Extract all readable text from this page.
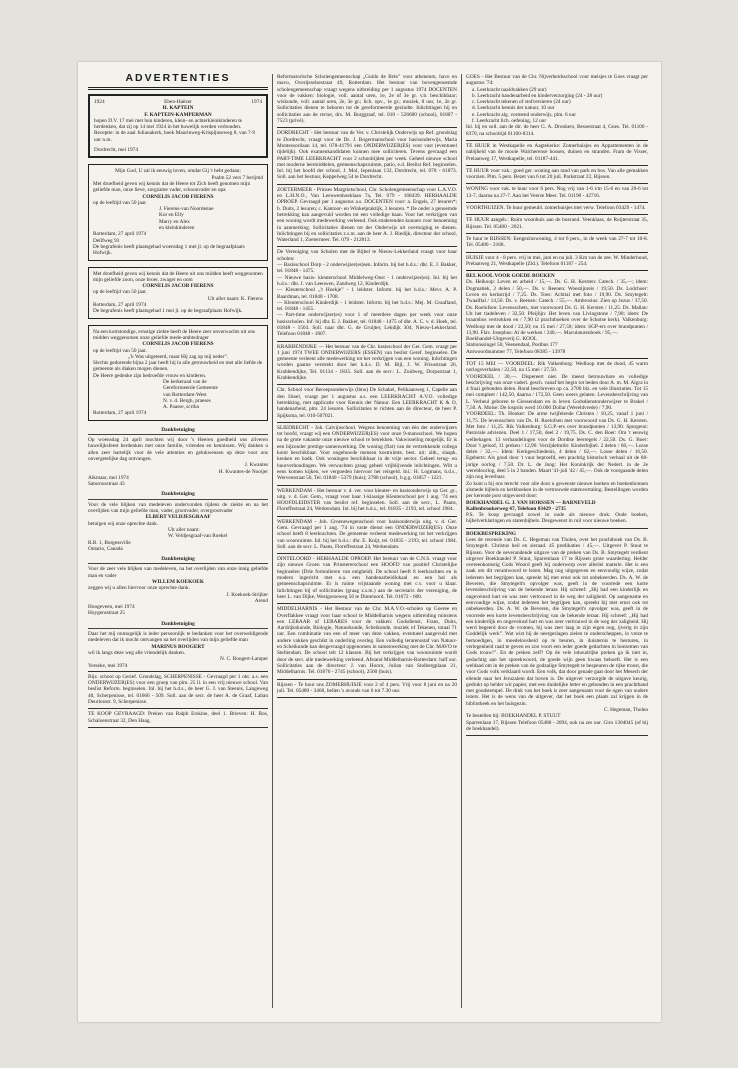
ADVERTENTIES
1924	Eben-Haëzer	1974
H. KAPTEIN
F. KAPTEIN-KAMPERMAN
hopen D.V. 17 mei met hun kinderen, klein- en achterkleinkinderen te herdenken, dat zij op 14 mei 1924 in het huwelijk werden verbonden.
Receptie: in de zaal Julianakerk, hoek Maurinweg-Krispijnseweg 8, van 7-9 uur n.m.
Dordrecht, mei 1974
Mijn God, U zal ik eeuwig loven, omdat Gij 't hebt gedaan;
Psalm 52 vers 7 berijmd
Met droefheid geven wij kennis dat de Heere tot Zich heeft genomen mijn geliefde man, onze lieve, zorgzame vader, schoonvader en opa
CORNELIS JACOB FIERENS
op de leeftijd van 50 jaar.
J. Fierens-van Noordenne
Kor en Elly
Marry en Alex
en kleinkinderen
Rotterdam, 27 april 1974
Dellfweg 93
De begrafenis heeft plaatsgehad woensdag 1 mei jl. op de begraafplaats Hofwijk.
Met droefheid geven wij kennis dat de Heere uit ons midden heeft weggenomen mijn geliefde zoon, onze broer, zwager en oom
CORNELIS JACOB FIERENS
op de leeftijd van 50 jaar.
Uit aller naam: K. Fierens
Rotterdam, 27 april 1974
De begrafenis heeft plaatsgehad 1 mei jl. op de begraafplaats Hofwijk.
Na een kortstondige, ernstige ziekte heeft de Heere zeer onverwachts uit ons midden weggenomen onze geliefde mede-ambtsdrager
CORNELIS JACOB FIERENS
op de leeftijd van 50 jaar.
„'k Was uitgeteerd, maar Hij zag op mij neder”.
Slechts gedurende bijna 2 jaar heeft hij in alle getrouwheid en met alle liefde de gemeente als diaken mogen dienen.
De Heere gedenke zijn bedroefde vrouw en kinderen.
De kerkeraad van de
Gereformeerde Gemeente
van Rotterdam-West
N. v. d. Bergh, praeses
A. Paasse, scriba
Rotterdam, 27 april 1974
Dankbetuiging
Op woensdag 24 april mochten wij door 's Heeren goedheid ons zilveren huwelijksfeest herdenken met onze familie, vrienden en kennissen. Wij danken u allen zeer hartelijk voor de vele attenties en gelukwensen op deze voor ons onvergetelijke dag ontvangen.
J. Kwantes
H. Kwantes-de Nooijer
Alkmaar, mei 1974
Saturnusstraat 43
Dankbetuiging
Voor de vele blijken van medeleven ondervonden tijdens de ziekte en na het overlijden van mijn geliefde man, vader, grootvader, overgrootvader
ELBERT VELDJESGRAAF
betuigen wij onze oprechte dank.
Uit aller naam:
W. Veldjesgraaf-van Roekel
R.R. 1, Burgessville
Ontario, Canada
Dankbetuiging
Voor de zeer vele blijken van medeleven, na het overlijden van onze innig geliefde man en vader
WILLEM KOEKOEK
zeggen wij u allen hiervoor onze oprechte dank.
J. Koekoek-Strijker
Arend
Hoogeveen, mei 1974
Huygensstraat 25
Dankbetuiging
Daar het mij onmogelijk is ieder persoonlijk te bedanken voor het overweldigende medeleven dat ik mocht ontvangen na het overlijden van mijn geliefde man
MARINUS BOOGERT
wil ik langs deze weg alle vriendelijk danken.
N. C. Boogert-Lamper
Yerseke, mei 1974
Bijz. school op Gerief. Grondslag, SCHERPENISSE - Gevraagd per 1 okt. a.s. een ONDERWIJZER(ES) voor een groep van plm. 25 ll. in een vrij nieuwe school. Van beslist Reform. beginselen. Inl. bij het h.d.s., de heer G. J. van Steenis, Langeweg 40, Scherpenisse, tel. 01666 - 509. Soll. aan de secr. de heer A. de Graaf, Laban Deurloostr. 9, Scherpenisse.
TE KOOP GEVRAAGD: Preken van Ralph Erskine, deel 1. Brieven: H. Bos, Schaloenstraat 32, Den Haag.
Reformatorische Scholengemeenschap „Guido de Brès” voor atheneum, havo en mavo, Overijsselsestraat 49, Rotterdam. Het bestuur van bovengenoemde scholengemeenschap vraagt wegens uitbreiding per 1 augustus 1974 DOCENTEN voor de vakken: biologie, voll. aantal uren, 1e, 2e of 3e gr. v.b. beschikbaar; wiskunde, voll. aantal uren, 2e, 3e gr.; lich. opv., 1e gr.; muziek, 8 uur, 1e, 2e gr. Sollicitaties dienen te behoren tot de gereformeerde gezindte. Inlichtingen bij en sollicitaties aan de rector, drs. M. Burggraaf, tel. 010 - 526600 (school), 01807 - 7523 (privé).
DORDRECHT - Het bestuur van de Ver. v. Christelijk Onderwijs op Ref. grondslag te Dordrecht, vraagt voor de Ds. J. Bogermanschool voor basisonderwijs, Maria Montessorilaan 14, tel. 078-41791 een ONDERWIJZER(ES) voor vast (eventueel tijdelijk). Ook examenkandidaten kunnen mee solliciteren. Tevens gevraagd een PART-TIME LEERKRACHT voor 2 schooltijden per week. Geheel nieuwe school met moderne leermiddelen, gemeenschapsruimte, patio, e.d. Beslist Ref. beginselen. Inl. bij het hoofd der school, J. Mol, Iepenlaan 132, Dordrecht, tel. 078 - 61873. Soll. aan het bestuur, Keppelweg 54 te Dordrecht.
ZOETERMEER - Prinses Margrietschool, Chr. Scholengemeenschap voor L.A.V.O. en L.H.N.O., Van Leeuwenhoeklaan 7a, Tel. 079 - 168439. HERHAALDE OPROEP. Gevraagd per 1 augustus a.s. DOCENTEN voor: a. Engels, 27 lesuren*; b. Duits, 2 lesuren; c. Kantoor- en Winkelpraktijk, 3 lesuren. * De onder a genoemde betrekking kan aangevuld worden tot een volledige baan. Voor het verkrijgen van een woning wordt medewerking verleend. Ook studerenden kunnen voor benoeming in aanmerking. Sollicitaties dienen tot der Onderwijs uit overtuiging te dienen. Inlichtingen bij en sollicitaties z.s.m. aan de heer A. J. Riedijk, directeur der school, Waterland 1, Zoetermeer. Tel. 079 - 212813.
De Vereniging van Scholen met de Bijbel te Nieuw-Lekkerland vraagt voor haar scholen:
— Basisschool Dorp - 2 onderwijzer(es)sen. Inform. bij het h.d.s.: dhr. E. J. Bakker, tel. 01848 - 1475.
— Nieuwe basis- kleuterschool Middelweg-Oost - 1 onderwijzer(es). Inl. bij het h.d.s.: dhr. J. van Leeuwen, Zandweg 12, Kinderdijk.
— Kleuterschool „'t Hoekje” - 1 leidster. Inform. bij het h.d.s.: Mevr. A. P. Baardman, tel. 01848 - 1708.
— Kleuterschool Kinderdijk - 1 leidster. Inform. bij het h.d.s.: Mej. M. Graafland, tel. 01848 - 1455.
— Part-time onderwijzer(es) voor 1 of meerdere dagen per week voor onze basisscholen. Inf. bij dhr. E. J. Bakker, tel. 01848 - 1475 of dhr. A. C. v. d. Hoek, tel. 01848 - 1503. Soll. naar dhr. G. de Gruijter, Lekdijk 304, Nieuw-Lekkerland. Telefoon 01848 - 1807.
KRABBENDIJKE — Het bestuur van de Chr. basisschool der Ger. Gem. vraagt per 1 juni 1974 TWEE ONDERWIJZERS (ESSEN) van beslist Geref. beginselen. De gemeente verleent alle medewerking tot het verkrijgen van een woning. Inlichtingen worden gaarne verstrekt door het h.d.s. D. M. Bijl, J. W. Frisostraat 26, Krabbendijke, Tel. 01134 - 1835. Soll. aan de secr.: L. Zuidweg, Dorpsstraat 1, Krabbendijke.
Chr. School voor Beroepsonderwijs (lbno) De Schakel, Pelikaanweg 1, Capelle aan den IJssel, vraagt per 1 augustus a.s. een LEERKRACHT A.V.O. volledige betrekking, met applicatie voor Kennis der Natuur. Een LEERKRACHT K & O, handenarbeid, plm. 24 lesuren. Sollicitaties te richten aan de directeur, de heer P. Spijksma, tel. 010-507021.
SLIEDRECHT - Joh. Calvijnschool. Wegens benoeming van één der onderwijzers tot hoofd, vraagt wij een ONDERWIJZER(ES) voor onze 9-mansschool. We hopen na de grote vakantie onze nieuwe school te betrekken. Vakwisseling mogelijk. Er is een bijzonder prettige samenwerking. De woning (flat) van de vertrekkende collega komt beschikbaar. Voor ongehuwde mensen kostruimte, best. uit: zitk., slaapk. keuken en badk. Ook woningen beschikbaar in de vrije sector. Geheel terug- en huurverhoudingen. We verwachten graag geheel vrijblijvende inlichtingen. Wilt u eens komen kijken, we vergoeden hiervoor het reisgeld. Inl.: H. Logmans, h.d.s., Wervenstraat 50, Tel. 01840 - 5379 (huis); 2788 (school), b.g.g. 01857 - 1221.
WERKENDAM - Het bestuur v. d. ver. voor kleuter- en basisonderwijs op Ger. gr., uitg. v. d. Ger. Gem., vraagt voor haar 1-klassige Kleuterschool per 1 aug. '74 een HOOFDLEIDSTER van beslist ref. beginselen. Soll. aan de secr., L. Paans, Floreffestraat 24, Werkendam. Inl. bij het h.d.s., tel. 01835 - 2193, tel. school 1984.
WERKENDAM - Joh. Groenewegenschool voor basisonderwijs uitg. v. d. Ger. Gem. Gevraagd per 1 aug. '74 in vaste dienst een ONDERWIJZER(ES). Onze school heeft 8 leerkrachten. De gemeente verleent medewerking tot het verkrijgen van woonruimte. Inl. bij het h.d.s.: dhr. E. Knijt, tel. 01835 - 2193, tel. school 1984. Soll. aan de secr. L. Paans, Floreffestraat 24, Werkendam.
DINTELOORD - HERHAALDE OPROEP. Het bestuur van de C.N.S. vraagt voor zijn nieuwe Groen van Prinstererschool een HOOFD van positief Christelijke beginselen (Drie formulieren van enigheid). De school heeft 8 leerkrachten en is modern ingericht met o.a. een handenarbeidlokaal en een hal als gemeenschapsruimte. Er is ruime vrijstaande woning met c.v. voor u klaar. Inlichtingen bij of sollicitaties (graag z.s.m.) aan de secretaris der vereniging, de heer L. van Dijke, Westgorseweg 56 te Dinteloord. Tel. 01672 - 600.
MIDDELHARNIS - Het Bestuur van de Chr. M.A.V.O.-scholen op Goeree en Overflakkee vraagt voor haar school te Middelharnis wegens uitbreiding minstens een LERAAR of LERARES voor de vakken: Godsdienst, Frans, Duits, Aardrijkskunde, Biologie, Natuurkunde, Scheikunde, muziek of Tekenen, totaal 71 uur. Een combinatie van een of meer van deze vakken, eventueel aangevuld met andere vakken geschikt in onderling overleg. Een volledig lerarensstaf van Natuur- en Scheikunde kan desgevraagd opgenomen in samenwerking met de Chr. MAVO te Stellendam. De school telt 12 klassen. Bij het verkrijgen van woonruimte wordt door de secr. alle medewerking verleend. Afstand Middelharnis-Rotterdam: half uur. Sollicitaties aan de directeur: J. van Hoorn, Julian van Stolbergplaan 21, Middelharnis. Tel. 01870 - 2745 (school), 2560 (huis).
Rijssen - Te huur ons ZOMERHUISJE voor 2 of 4 pers. Vrij voor 8 juni en na 20 juli. Tel. 05480 - 3468, bellen 's avonds van 6 tot 7.30 uur.
GOES - Het Bestuur van de Chr. Nijverheidsschool voor meisjes te Goes vraagt per augustus '74:
a. Leerkracht naaldvakken (29 uur)
b. Leerkracht handenarbeid en kinderverzorging (24 - 28 uur)
c. Leerkracht tekenen of stofversieren (24 uur)
d. Leerkracht kennis der natuur, 10 uur
e. Leerkracht alg. vormend onderwijs, plm. 6 uur
f. Leerkracht lich. oefening, 12 uur
Inl. bij en soll. aan de dir. de heer G. A. Dronkers, Bessestraat 4, Goes. Tel. 01100 - 8370, na schooltijd 01100-8314.
TE HUUR in Westkapelle en Aagtekerke: Zomerhuisjes en Appartementen in de nabijheid van de mooie Walcherense bossen, duinen en stranden. Fram de Visser, Prelaatweg 17, Westkapelle, tel. 01187-441.
TE HUUR voor vak.: goed ger. woning aan rand van park en bos. Van alle gemakken voorzien. Plm. 5 pers. Bezet van 6 tot 20 juli. Parkstraat 22, Rijssen.
WONING voor vak. te huur voor 6 pers. Nog vrij van 1-6 t/m 15-6 en van 29-6 tot 13-7, daarna na 27-7. Aan het Veerse Meer. Tel. 01190 - 42716.
VOORTHUIZEN. Te huur gemeubl. zomerhuisjes met verw. Telefoon 03429 - 1474.
TE HUUR aangeb.: Ruim woonhuis aan de boerand. Veenklaas, de Ruijterstraat 35, Rijssen. Tel. 05480 - 2021.
Te huur te RIJSSEN: Eengezinswoning, 4 tot 6 pers., in de week van 27-7 tot 10-8. Tel. 05480 - 2168.
HUISJE voor 4 - 8 pers. vrij in mei, juni en na juli. 3 Km van de zee. W. Minderhoud, Prelaatweg 21, Westkapelle (Zld.). Telefoon 01187 - 254.
BEL KOOL VOOR GOEDE BOEKEN
Ds. Heikoop: Leven en arbeid / 15,—. Ds. G. H. Kersten: Catech. / 35,—; idem: Dogmatiek, 2 delen / 50,—. Ds. v. Reenen: Woestijnreis / 19,50. Ds. Lodcboer: Leven en kerkstrijd / 7,25. Ds. Toes: Achttal met foto / 19,90. Ds. Smytegelt: Twaalftal / 14,50. Ds. v. Reenen: Catech. / 55,—. Ambrosius: Zien op Jezus / 37,50. Ds. Roelofsen: Levensschets, met voorwoord Ds. G. H. Kersten / 11,25. Ds. Mallan: Uit het tiadeleven / 32,50. Pfeijlijn: Het leven van Livingstone / 7,90; idem: De braambos vertrokken en / 7,90 t2 prachtboeken over de Schotse kerk). Valkenburg: Wedloop met de dood / 22,50; nu 15 mei / 27,50; idem: SGP-ers over brandpunten / 13,90. Flav. Josephus: Al de werken / 240,—. Maculaturenboek / 95,—.
Boekhandel-Uitgeverij G. KOOL
Stationssingel 50, Veenendaal, Postbus 177
Antwoordnummer 77, Telefoon 08385 - 13978
TOT 15 MEI — VOORDEEL: Rik Valkenburg: Wedloop met de dood, 45 warm oorlogsverhalen / 22,50, na 15 mei / 27,50.
VOORDEEL / 30,—. Dispereert niet. De meest betrouwbare en volledige beschrijving van onze vaderl. gesch. vanaf het begin tot heden door A. m. M. Algra in 4 fraai gebonden delen. Rond beschreven op ca. 2700 blz. en vele illustraties. Tot 15 mei compleet / 142,50, daarna / 172,50. Geen weers gelaten. Levensbeschrijving van L. Verheul geboren te Giessendam en in leven Godsdienstonderwijzer te Brakel / 7,50. A. Moise: De lospriis werd 10.000 Dollar (Wereldvrede) / 7,90.
VOORDEEL: Th. Hooker: De arme twijfelende Christen / 10,25, vanaf 1 juni / 11,75. De levensschets van Ds. H. Roelofsen met voorwoord van Ds. G. H. Kersten. Met foto / 11,25. Rik Valkenburg: S.G.P.-ers over brandpunten / 13,90. Spurgeon: Pastorale adviezen. Deel 1 / 17,50, deel 2 / 19,75. Ds. C. den Boer: Om 't eeuwig welbehagen. 13 verhandelingen voor de Dordtse leerregels / 22,50. Ds. G. Boer: Door 't geloof, 11 preken / 12,90. Verzijdelmiht: Kinderbijbel. 2 delen / 60,—. Losse delen / 32,—. Idem: Kerkgeschiedenis, 4 delen / 62,—. Losse delen / 16,50. Egeberts: Als goud door 't vuur beproefd, een prachtig historisch verhaal uit de 80-jarige oorlog / 7,50. Dr. L. de Jong: Het Koninkrijk der Nederl. in de 2e wereldoorlog, deel 5 in 2 banden. Maart '41-juli '42 / 45,—. Ook de voorgaande delen zijn nog leverbaar.
Zo kunt u bij ons terecht voor alle door u gewenste nieuwe boeken en boekenbonnen alsmede bijbels en kerkboeken in de vertrouwde statenvertaling. Bestellingen worden per kerende post uitgevoerd door:
BOEKHANDEL G. J. VAN HORSSEN — BARNEVELD
Kallenbrookerweg 47, Telefoon 03429 - 2735
P.S. Te koop gevraagd zowel in oude als nieuwe druk: Oude boeken, bijbelverklaringen en statenbijbels. Desgewenst in ruil voor nieuwe boeken.
BOEKBESPREKING
Lees de recensie van Ds. C. Hegeman van Tholen, over het prachtboek van Ds. B. Smytegelt. Christus heil en sieraad. 45 predikaties / 45,—. Uitgever P. Stuut te Rijssen. Voor de oeverandende uitgave van de preken van Ds. B. Smytegelt verdient uitgever Boekhandel P. Stuut, Sparrenlaan 17 te Rijssen grote waardering. Helder overeenkomstig Gods Woord geeft hij onderwerp over allerlei materie. Het is een zaak om dit verantwoord te lezen. Mag nog uitgegeven en eenvoudig wijze, zodat iedereen het begrijpen kan, spreekt hij met ernst ook tot onbekeerden. Ds. A. W. de Beveren, die Smytegelt's opvolger was, geeft in de voorrede een korte levensbeschrijving van de bekende leraar. Hij schreef: „Hij had een kinderlijk en ongeveinsd hart en was zeer vertrouwd in de weg der zaligheid. Op aangename en eenvoudige wijze, zodat iedereen het begrijpen kan, spreekt hij met ernst ook tot onbekeerden. Ds. A. W. de Beveren, die Smytegelt's opvolger was, geeft in de voorrede een korte levensbeschrijving van de bekende leraar. Hij schreef: „Hij had een kinderlijk en ongeveinsd hart en was zeer vertrouwd in de weg der zaligheid. Hij werd begeerd door de vromen, hij was zeer laag in zijn eigen oog, ijverig in zijn Goddelijk werk”. Wat wist hij de neergeslagen zielen te onderscheppen, in vreze te bemoedigen, in moedeloosheid op te beuren, in duisternis te besturen, in verlegenheid raad te geven en zoo voort een ieder goede gedachten in boezemen van Gods trouw!”. En de preken zelf? Op de vele inhoudrijke preken ga ik niet in, gedachtig aan het spreekwoord, de goede wijn geen kwaas behoeft. Het is een weldaad om in de preken van de godzalige Smytegelt te bespeuren de rijke troost, die voor Gods volk verklaard wordt. Een volk, dat door genade gaat door het Mesech der ellende naar het Jeruzalem dat boven is. De uitgever verzorgde de uitgave keurig, gedrukt op helder wit papier, met een duidelijke letter en gebonden in een prachtband met goudstempel. De druk van het boek is zeer aangenaam voor de ogen van oudere lezers. Het is de wens van de uitgever, dat het boek een plaats zal krijgen in de bibliotheek en het huisgezin.
C. Hegeman, Tholen
Te bestellen bij: BOEKHANDEL P. STUUT
Sparrenlaan 17, Rijssen Telefoon 05480 - 2094, ook na zes uur. Giro 1304045 (of bij de boekhandel).
